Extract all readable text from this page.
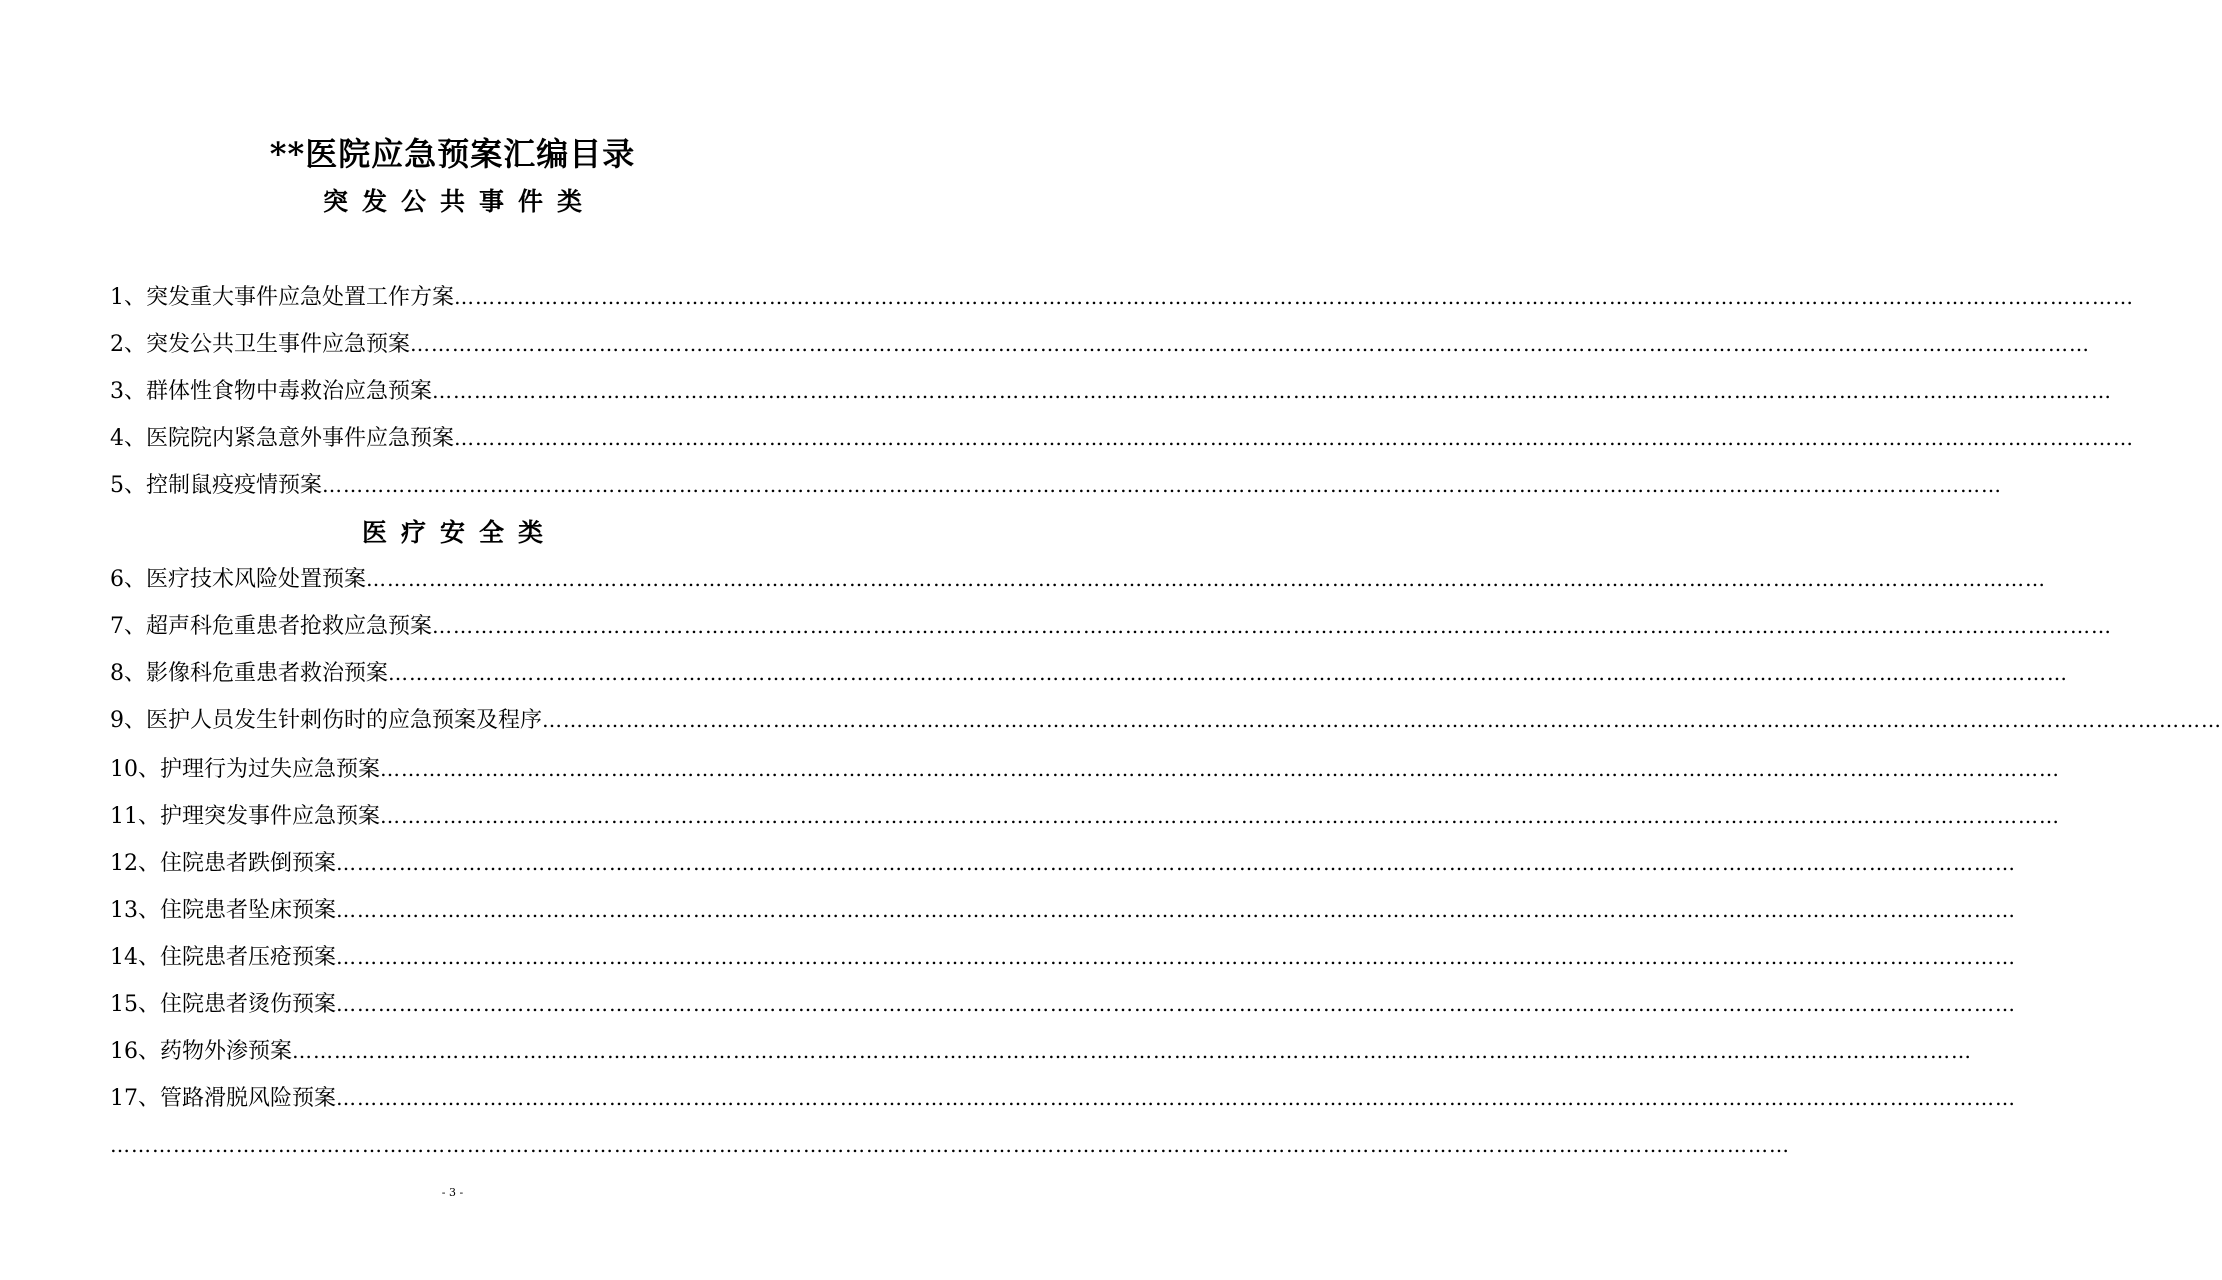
**医院应急预案汇编目录
突发公共事件类
1 、 突发重大事件应急处置工作方案 ……………………………………………………………………………………………………………………………………………………………………………………………………………………
2 、 突发公共卫生事件应急预案 ……………………………………………………………………………………………………………………………………………………………………………………………………………………
3 、 群体性食物中毒救治应急预案 ……………………………………………………………………………………………………………………………………………………………………………………………………………………
4 、 医院院内紧急意外事件应急预案 ……………………………………………………………………………………………………………………………………………………………………………………………………………………
5 、 控制鼠疫疫情预案 ……………………………………………………………………………………………………………………………………………………………………………………………………………………
医疗安全类
6 、 医疗技术风险处置预案 ……………………………………………………………………………………………………………………………………………………………………………………………………………………
7 、 超声科危重患者抢救应急预案 ……………………………………………………………………………………………………………………………………………………………………………………………………………………
8 、 影像科危重患者救治预案 ……………………………………………………………………………………………………………………………………………………………………………………………………………………
9 、 医护人员发生针刺伤时的应急预案及程序 ……………………………………………………………………………………………………………………………………………………………………………………………………………………
10 、 护理行为过失应急预案 ……………………………………………………………………………………………………………………………………………………………………………………………………………………
11 、 护理突发事件应急预案 ……………………………………………………………………………………………………………………………………………………………………………………………………………………
12 、 住院患者跌倒预案 ……………………………………………………………………………………………………………………………………………………………………………………………………………………
13 、 住院患者坠床预案 ……………………………………………………………………………………………………………………………………………………………………………………………………………………
14 、 住院患者压疮预案 ……………………………………………………………………………………………………………………………………………………………………………………………………………………
15 、 住院患者烫伤预案 ……………………………………………………………………………………………………………………………………………………………………………………………………………………
16 、 药物外渗预案 ……………………………………………………………………………………………………………………………………………………………………………………………………………………
17 、 管路滑脱风险预案 ……………………………………………………………………………………………………………………………………………………………………………………………………………………
……………………………………………………………………………………………………………………………………………………………………………………………………………………
- 3 -
